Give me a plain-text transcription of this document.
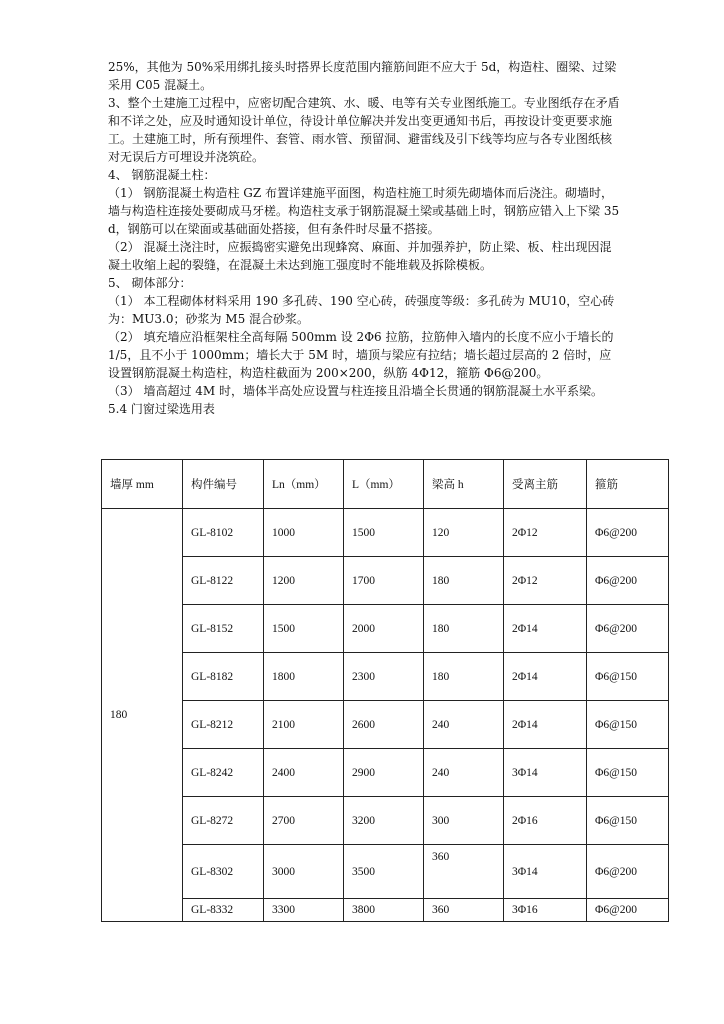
25%，其他为 50%采用绑扎接头时搭界长度范围内箍筋间距不应大于 5d，构造柱、圈梁、过梁采用 C05 混凝土。

3、整个土建施工过程中，应密切配合建筑、水、暖、电等有关专业图纸施工。专业图纸存在矛盾和不详之处，应及时通知设计单位，待设计单位解决并发出变更通知书后，再按设计变更要求施工。土建施工时，所有预埋件、套管、雨水管、预留洞、避雷线及引下线等均应与各专业图纸核对无误后方可埋设并浇筑砼。

4、 钢筋混凝土柱：

（1） 钢筋混凝土构造柱 GZ 布置详建施平面图，构造柱施工时须先砌墙体而后浇注。砌墙时，墙与构造柱连接处要砌成马牙槎。构造柱支承于钢筋混凝土梁或基础上时，钢筋应错入上下梁 35d，钢筋可以在梁面或基础面处搭接，但有条件时尽量不搭接。

（2） 混凝土浇注时，应振捣密实避免出现蜂窝、麻面、并加强养护，防止梁、板、柱出现因混凝土收缩上起的裂缝，在混凝土未达到施工强度时不能堆载及拆除模板。

5、 砌体部分：

（1） 本工程砌体材料采用 190 多孔砖、190 空心砖，砖强度等级：多孔砖为 MU10，空心砖为：MU3.0；砂浆为 M5 混合砂浆。

（2） 填充墙应沿框架柱全高每隔 500mm 设 2Φ6 拉筋，拉筋伸入墙内的长度不应小于墙长的 1/5，且不小于 1000mm；墙长大于 5M 时，墙顶与梁应有拉结；墙长超过层高的 2 倍时，应设置钢筋混凝土构造柱，构造柱截面为 200×200，纵筋 4Φ12，箍筋 Φ6@200。

（3） 墙高超过 4M 时，墙体半高处应设置与柱连接且沿墙全长贯通的钢筋混凝土水平系梁。

5.4 门窗过梁选用表

墙厚 mm	构件编号	Ln（mm）	L（mm）	梁高 h	受离主筋	箍筋
180	GL-8102	1000	1500	120	2Φ12	Φ6@200
	GL-8122	1200	1700	180	2Φ12	Φ6@200
	GL-8152	1500	2000	180	2Φ14	Φ6@200
	GL-8182	1800	2300	180	2Φ14	Φ6@150
	GL-8212	2100	2600	240	2Φ14	Φ6@150
	GL-8242	2400	2900	240	3Φ14	Φ6@150
	GL-8272	2700	3200	300	2Φ16	Φ6@150
	GL-8302	3000	3500	360	3Φ14	Φ6@200
	GL-8332	3300	3800	360	3Φ16	Φ6@200
